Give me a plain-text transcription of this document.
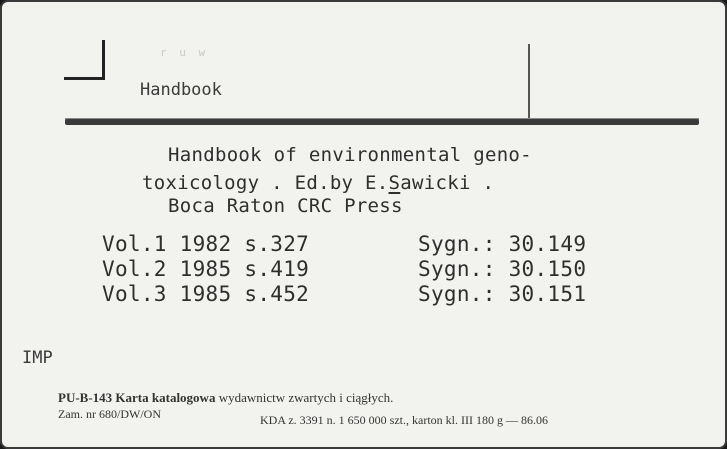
r u w
Handbook
Handbook of environmental geno-
toxicology . Ed.by E.Sawicki .
Boca Raton CRC Press
Vol.1 1982 s.327	Sygn.: 30.149
Vol.2 1985 s.419	Sygn.: 30.150
Vol.3 1985 s.452	Sygn.: 30.151
IMP
PU-B-143 Karta katalogowa wydawnictw zwartych i ciągłych.
Zam. nr 680/DW/ON	KDA z. 3391 n. 1 650 000 szt., karton kl. III 180 g — 86.06
